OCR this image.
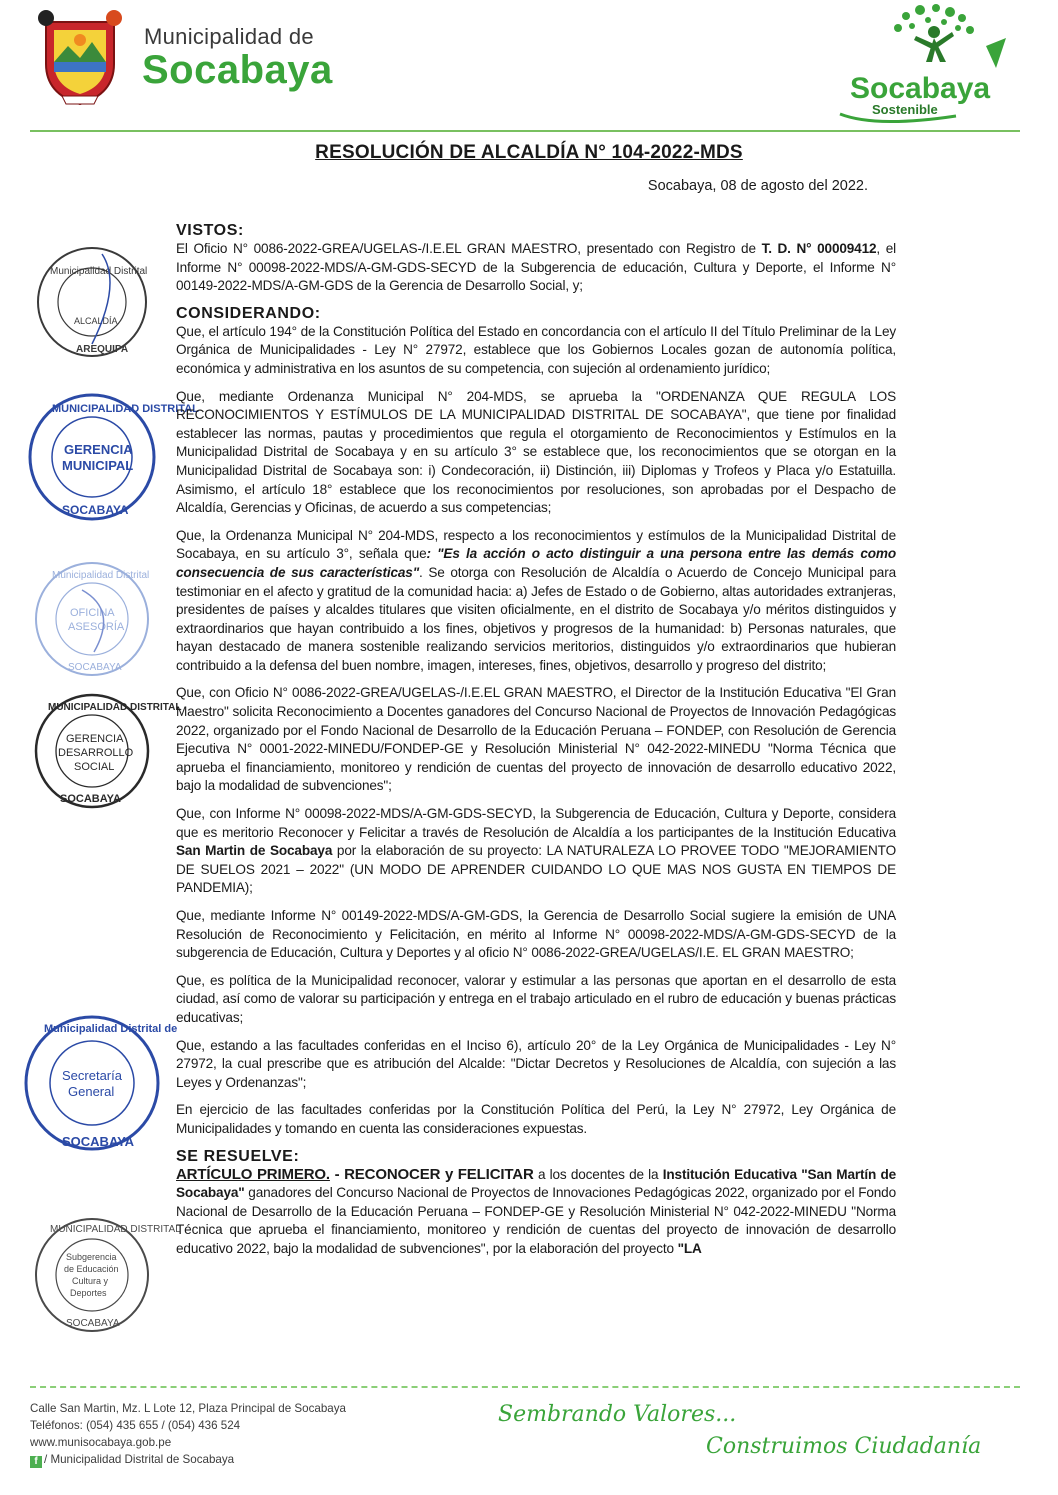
Municipalidad de
Socabaya	Socabaya
Sostenible
RESOLUCIÓN DE ALCALDÍA N° 104-2022-MDS
Socabaya, 08 de agosto del 2022.
Municipalidad Distrital
ALCALDÍA
AREQUIPA
MUNICIPALIDAD DISTRITAL
GERENCIA
MUNICIPAL
SOCABAYA
Municipalidad Distrital
OFICINA
ASESORÍA
SOCABAYA
MUNICIPALIDAD DISTRITAL
GERENCIA
DESARROLLO
SOCIAL
SOCABAYA
Municipalidad Distrital de
Secretaría
General
SOCABAYA
MUNICIPALIDAD DISTRITAL
Subgerencia
de Educación
Cultura y
Deportes
SOCABAYA
VISTOS:

El Oficio N° 0086-2022-GREA/UGELAS-/I.E.EL GRAN MAESTRO, presentado con Registro de T. D. N° 00009412, el Informe N° 00098-2022-MDS/A-GM-GDS-SECYD de la Subgerencia de educación, Cultura y Deporte, el Informe N° 00149-2022-MDS/A-GM-GDS de la Gerencia de Desarrollo Social, y;

CONSIDERANDO:

Que, el artículo 194° de la Constitución Política del Estado en concordancia con el artículo II del Título Preliminar de la Ley Orgánica de Municipalidades - Ley N° 27972, establece que los Gobiernos Locales gozan de autonomía política, económica y administrativa en los asuntos de su competencia, con sujeción al ordenamiento jurídico;

Que, mediante Ordenanza Municipal N° 204-MDS, se aprueba la "ORDENANZA QUE REGULA LOS RECONOCIMIENTOS Y ESTÍMULOS DE LA MUNICIPALIDAD DISTRITAL DE SOCABAYA", que tiene por finalidad establecer las normas, pautas y procedimientos que regula el otorgamiento de Reconocimientos y Estímulos en la Municipalidad Distrital de Socabaya y en su artículo 3° se establece que, los reconocimientos que se otorgan en la Municipalidad Distrital de Socabaya son: i) Condecoración, ii) Distinción, iii) Diplomas y Trofeos y Placa y/o Estatuilla. Asimismo, el artículo 18° establece que los reconocimientos por resoluciones, son aprobadas por el Despacho de Alcaldía, Gerencias y Oficinas, de acuerdo a sus competencias;

Que, la Ordenanza Municipal N° 204-MDS, respecto a los reconocimientos y estímulos de la Municipalidad Distrital de Socabaya, en su artículo 3°, señala que: "Es la acción o acto distinguir a una persona entre las demás como consecuencia de sus características". Se otorga con Resolución de Alcaldía o Acuerdo de Concejo Municipal para testimoniar en el afecto y gratitud de la comunidad hacia: a) Jefes de Estado o de Gobierno, altas autoridades extranjeras, presidentes de países y alcaldes titulares que visiten oficialmente, en el distrito de Socabaya y/o méritos distinguidos y extraordinarios que hayan contribuido a los fines, objetivos y progresos de la humanidad: b) Personas naturales, que hayan destacado de manera sostenible realizando servicios meritorios, distinguidos y/o extraordinarios que hubieran contribuido a la defensa del buen nombre, imagen, intereses, fines, objetivos, desarrollo y progreso del distrito;

Que, con Oficio N° 0086-2022-GREA/UGELAS-/I.E.EL GRAN MAESTRO, el Director de la Institución Educativa "El Gran Maestro" solicita Reconocimiento a Docentes ganadores del Concurso Nacional de Proyectos de Innovación Pedagógicas 2022, organizado por el Fondo Nacional de Desarrollo de la Educación Peruana – FONDEP, con Resolución de Gerencia Ejecutiva N° 0001-2022-MINEDU/FONDEP-GE y Resolución Ministerial N° 042-2022-MINEDU "Norma Técnica que aprueba el financiamiento, monitoreo y rendición de cuentas del proyecto de innovación de desarrollo educativo 2022, bajo la modalidad de subvenciones";

Que, con Informe N° 00098-2022-MDS/A-GM-GDS-SECYD, la Subgerencia de Educación, Cultura y Deporte, considera que es meritorio Reconocer y Felicitar a través de Resolución de Alcaldía a los participantes de la Institución Educativa San Martin de Socabaya por la elaboración de su proyecto: LA NATURALEZA LO PROVEE TODO "MEJORAMIENTO DE SUELOS 2021 – 2022" (UN MODO DE APRENDER CUIDANDO LO QUE MAS NOS GUSTA EN TIEMPOS DE PANDEMIA);

Que, mediante Informe N° 00149-2022-MDS/A-GM-GDS, la Gerencia de Desarrollo Social sugiere la emisión de UNA Resolución de Reconocimiento y Felicitación, en mérito al Informe N° 00098-2022-MDS/A-GM-GDS-SECYD de la subgerencia de Educación, Cultura y Deportes y al oficio N° 0086-2022-GREA/UGELAS/I.E. EL GRAN MAESTRO;

Que, es política de la Municipalidad reconocer, valorar y estimular a las personas que aportan en el desarrollo de esta ciudad, así como de valorar su participación y entrega en el trabajo articulado en el rubro de educación y buenas prácticas educativas;

Que, estando a las facultades conferidas en el Inciso 6), artículo 20° de la Ley Orgánica de Municipalidades - Ley N° 27972, la cual prescribe que es atribución del Alcalde: "Dictar Decretos y Resoluciones de Alcaldía, con sujeción a las Leyes y Ordenanzas";

En ejercicio de las facultades conferidas por la Constitución Política del Perú, la Ley N° 27972, Ley Orgánica de Municipalidades y tomando en cuenta las consideraciones expuestas.

SE RESUELVE:

ARTÍCULO PRIMERO. - RECONOCER y FELICITAR a los docentes de la Institución Educativa "San Martín de Socabaya" ganadores del Concurso Nacional de Proyectos de Innovaciones Pedagógicas 2022, organizado por el Fondo Nacional de Desarrollo de la Educación Peruana – FONDEP-GE y Resolución Ministerial N° 042-2022-MINEDU "Norma Técnica que aprueba el financiamiento, monitoreo y rendición de cuentas del proyecto de innovación de desarrollo educativo 2022, bajo la modalidad de subvenciones", por la elaboración del proyecto "LA

Calle San Martin, Mz. L Lote 12, Plaza Principal de Socabaya
Teléfonos: (054) 435 655 / (054) 436 524
www.munisocabaya.gob.pe
f / Municipalidad Distrital de Socabaya
Sembrando Valores...
Construimos Ciudadanía
